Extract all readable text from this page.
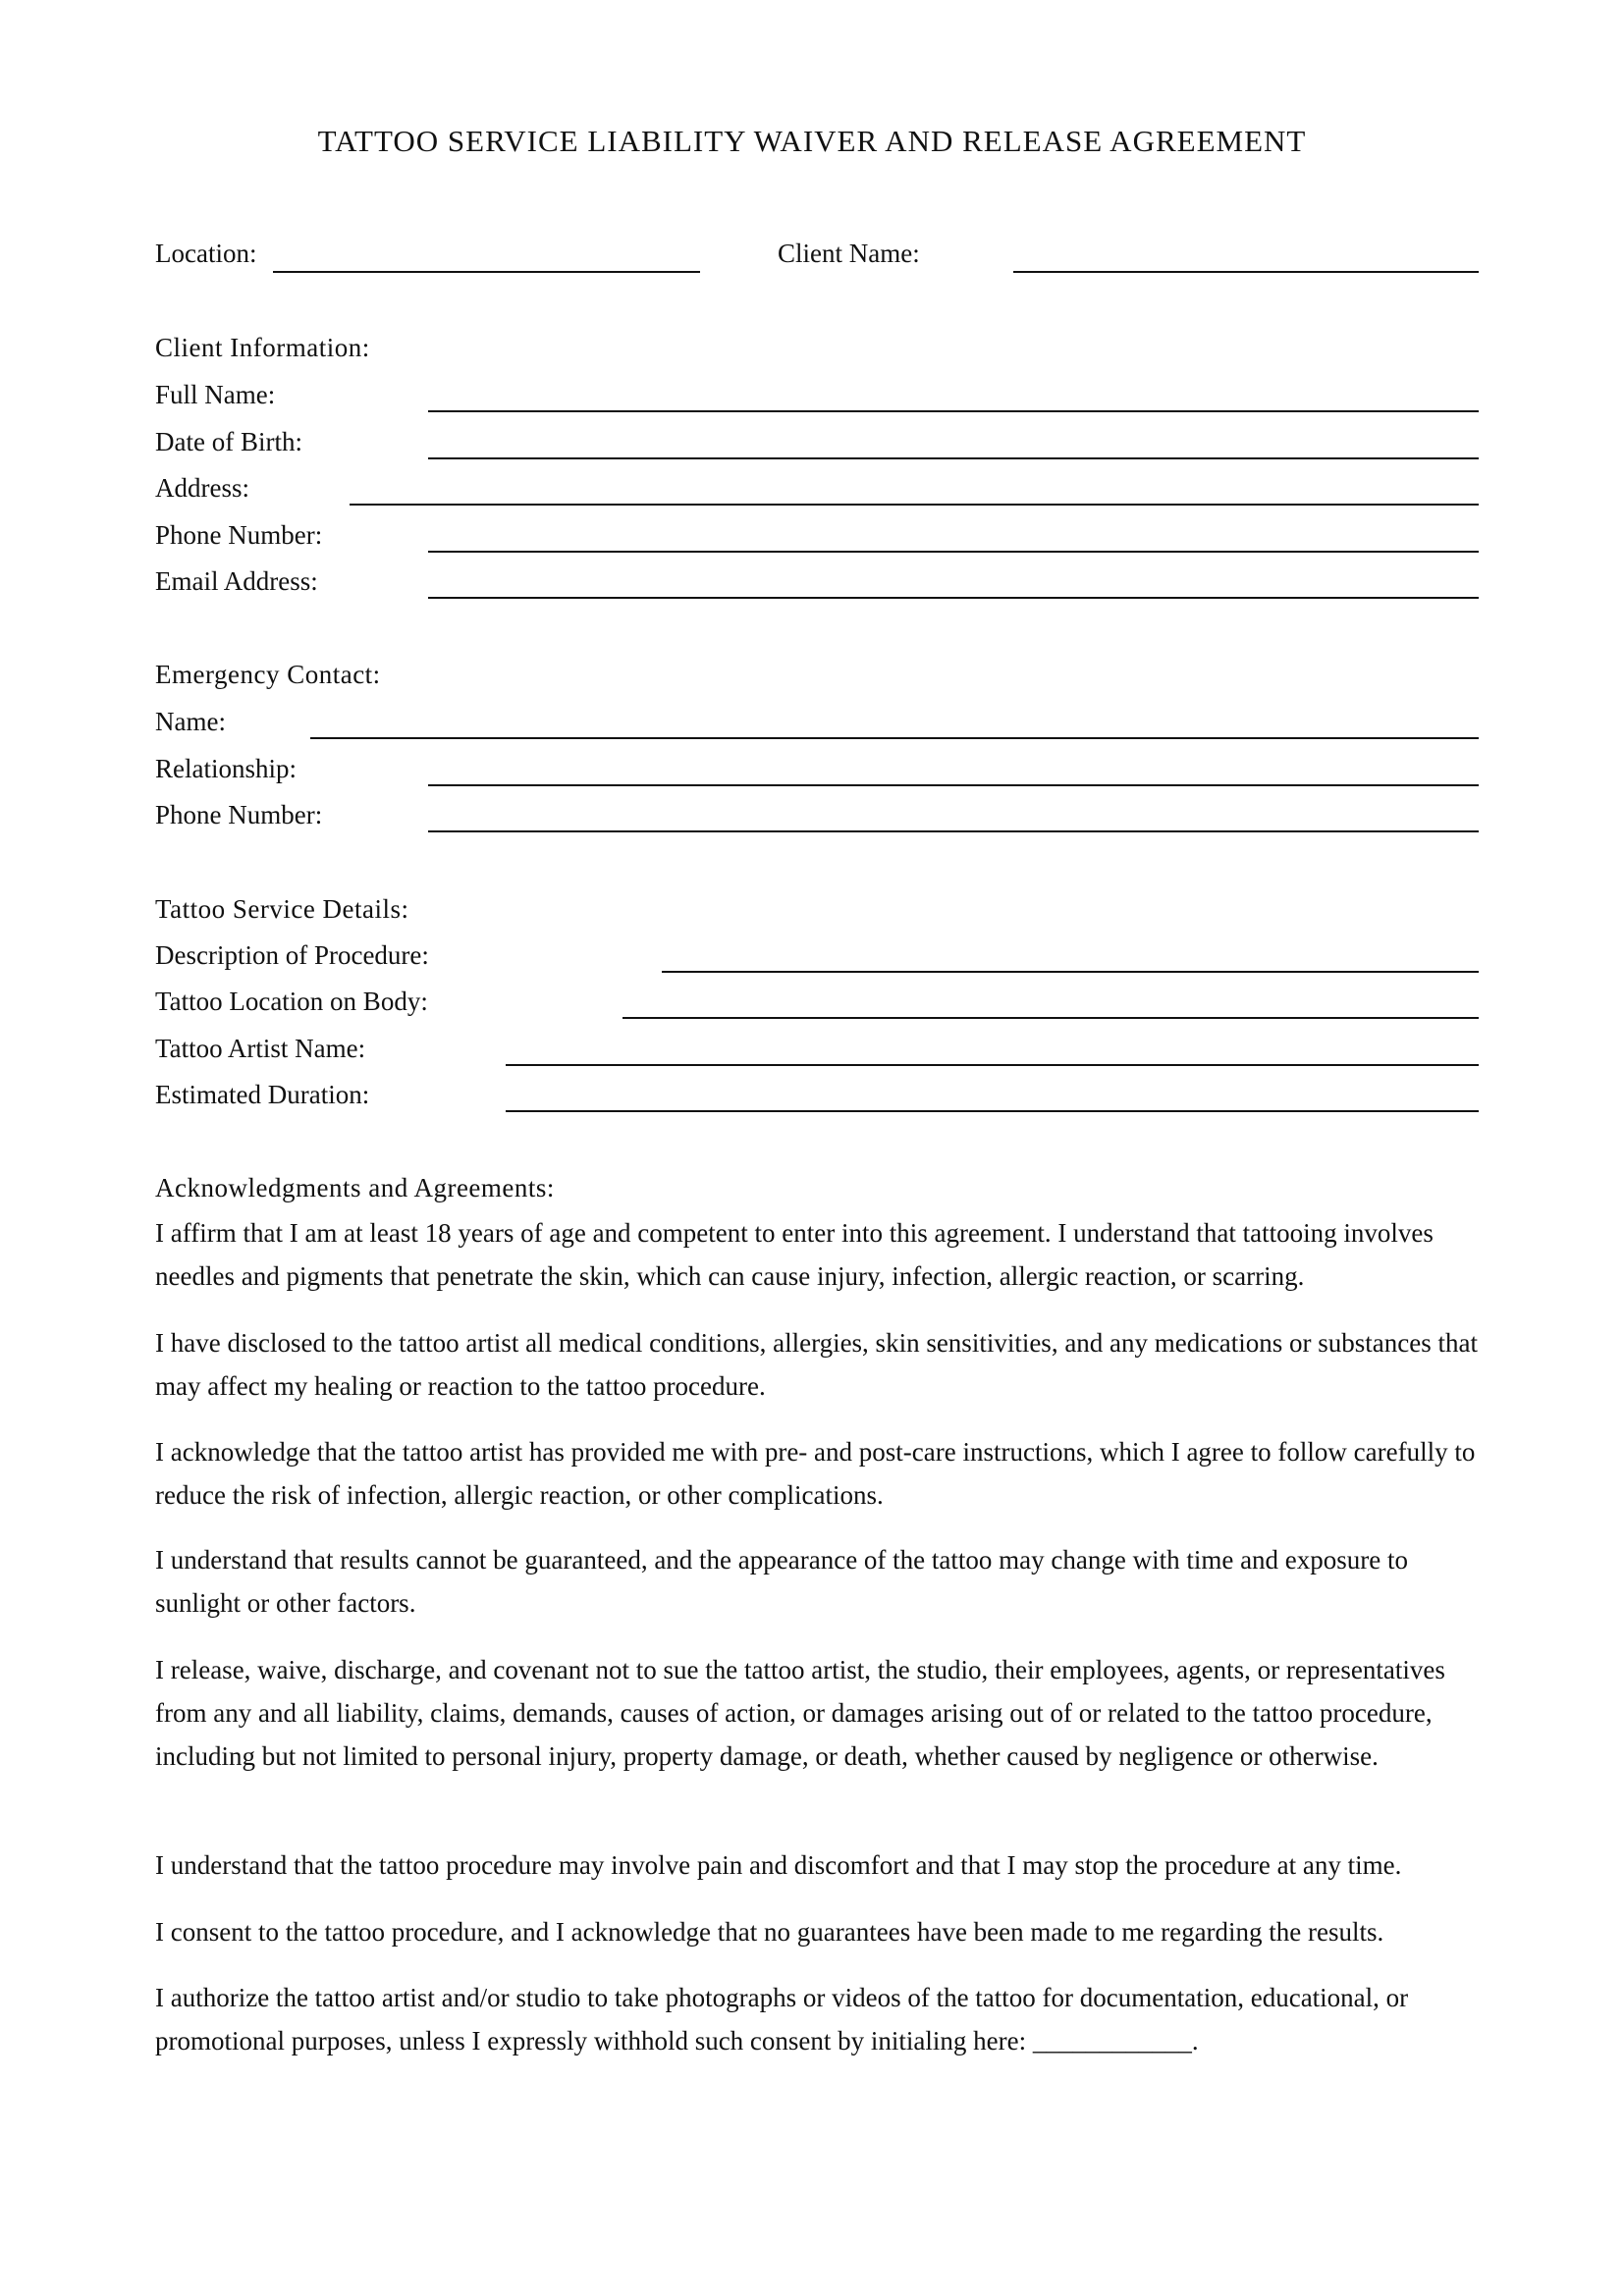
TATTOO SERVICE LIABILITY WAIVER AND RELEASE AGREEMENT
Location:	Client Name:
Client Information:
Full Name:
Date of Birth:
Address:
Phone Number:
Email Address:
Emergency Contact:
Name:
Relationship:
Phone Number:
Tattoo Service Details:
Description of Procedure:
Tattoo Location on Body:
Tattoo Artist Name:
Estimated Duration:
Acknowledgments and Agreements:

I affirm that I am at least 18 years of age and competent to enter into this agreement. I understand that tattooing involves needles and pigments that penetrate the skin, which can cause injury, infection, allergic reaction, or scarring.

I have disclosed to the tattoo artist all medical conditions, allergies, skin sensitivities, and any medications or substances that may affect my healing or reaction to the tattoo procedure.

I acknowledge that the tattoo artist has provided me with pre- and post-care instructions, which I agree to follow carefully to reduce the risk of infection, allergic reaction, or other complications.

I understand that results cannot be guaranteed, and the appearance of the tattoo may change with time and exposure to sunlight or other factors.

I release, waive, discharge, and covenant not to sue the tattoo artist, the studio, their employees, agents, or representatives from any and all liability, claims, demands, causes of action, or damages arising out of or related to the tattoo procedure, including but not limited to personal injury, property damage, or death, whether caused by negligence or otherwise.

I understand that the tattoo procedure may involve pain and discomfort and that I may stop the procedure at any time.

I consent to the tattoo procedure, and I acknowledge that no guarantees have been made to me regarding the results.

I authorize the tattoo artist and/or studio to take photographs or videos of the tattoo for documentation, educational, or promotional purposes, unless I expressly withhold such consent by initialing here: ____________.
